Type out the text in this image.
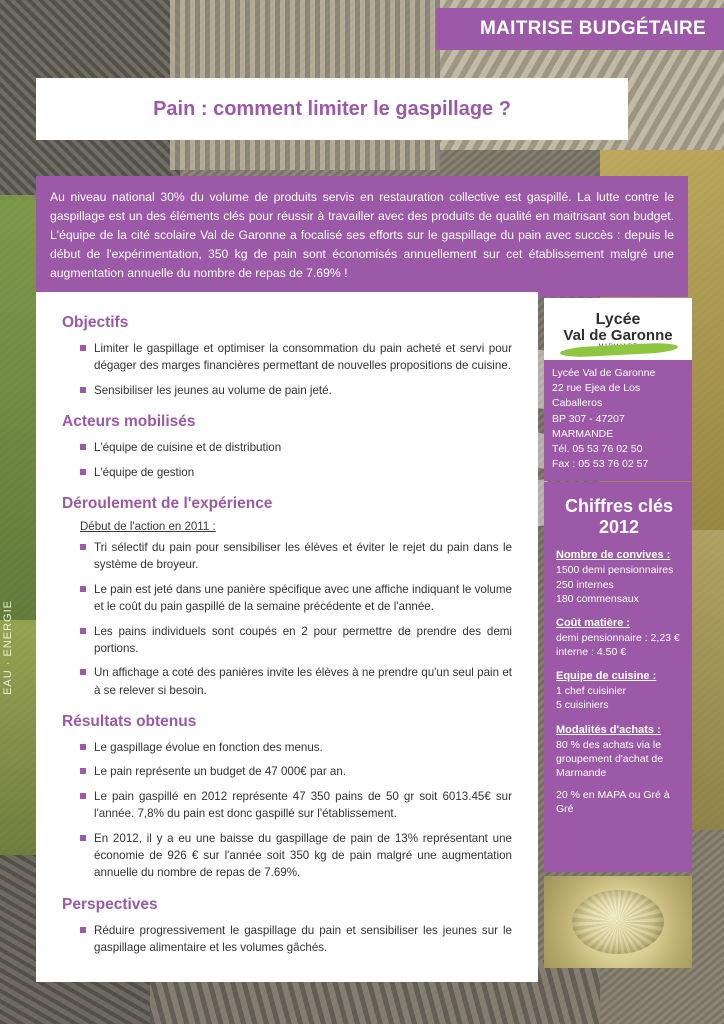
EAU · ENERGIE
MAITRISE BUDGÉTAIRE
Pain : comment limiter le gaspillage ?
Au niveau national 30% du volume de produits servis en restauration collective est gaspillé. La lutte contre le gaspillage est un des éléments clés pour réussir à travailler avec des produits de qualité en maitrisant son budget. L'équipe de la cité scolaire Val de Garonne a focalisé ses efforts sur le gaspillage du pain avec succès : depuis le début de l'expérimentation, 350 kg de pain sont économisés annuellement sur cet établissement malgré une augmentation annuelle du nombre de repas de 7.69% !
Objectifs
Limiter le gaspillage et optimiser la consommation du pain acheté et servi pour dégager des marges financières permettant de nouvelles propositions de cuisine.
Sensibiliser les jeunes au volume de pain jeté.
Acteurs mobilisés
L'équipe de cuisine et de distribution
L'équipe de gestion
Déroulement de l'expérience

Début de l'action en 2011 :

Tri sélectif du pain pour sensibiliser les élèves et éviter le rejet du pain dans le système de broyeur.
Le pain est jeté dans une panière spécifique avec une affiche indiquant le volume et le coût du pain gaspillé de la semaine précédente et de l'année.
Les pains individuels sont coupés en 2 pour permettre de prendre des demi portions.
Un affichage a coté des panières invite les élèves à ne prendre qu'un seul pain et à se relever si besoin.
Résultats obtenus
Le gaspillage évolue en fonction des menus.
Le pain représente un budget de 47 000€ par an.
Le pain gaspillé en 2012 représente 47 350 pains de 50 gr soit 6013.45€ sur l'année. 7,8% du pain est donc gaspillé sur l'établissement.
En 2012, il y a eu une baisse du gaspillage de pain de 13% représentant une économie de 926 € sur l'année soit 350 kg de pain malgré une augmentation annuelle du nombre de repas de 7.69%.
Perspectives
Réduire progressivement le gaspillage du pain et sensibiliser les jeunes sur le gaspillage alimentaire et les volumes gâchés.
Lycée
Val de Garonne
Lycée Val de Garonne
22 rue Ejea de Los Caballeros
BP 307 - 47207
MARMANDE
Tél. 05 53 76 02 50
Fax : 05 53 76 02 57
Chiffres clés
2012
Nombre de convives :
1500 demi pensionnaires
250 internes
180 commensaux
Coût matière :
demi pensionnaire : 2,23 €
interne : 4.50 €
Equipe de cuisine :
1 chef cuisinier
5 cuisiniers
Modalités d'achats :
80 % des achats via le groupement d'achat de Marmande
20 % en MAPA ou Gré à Gré
